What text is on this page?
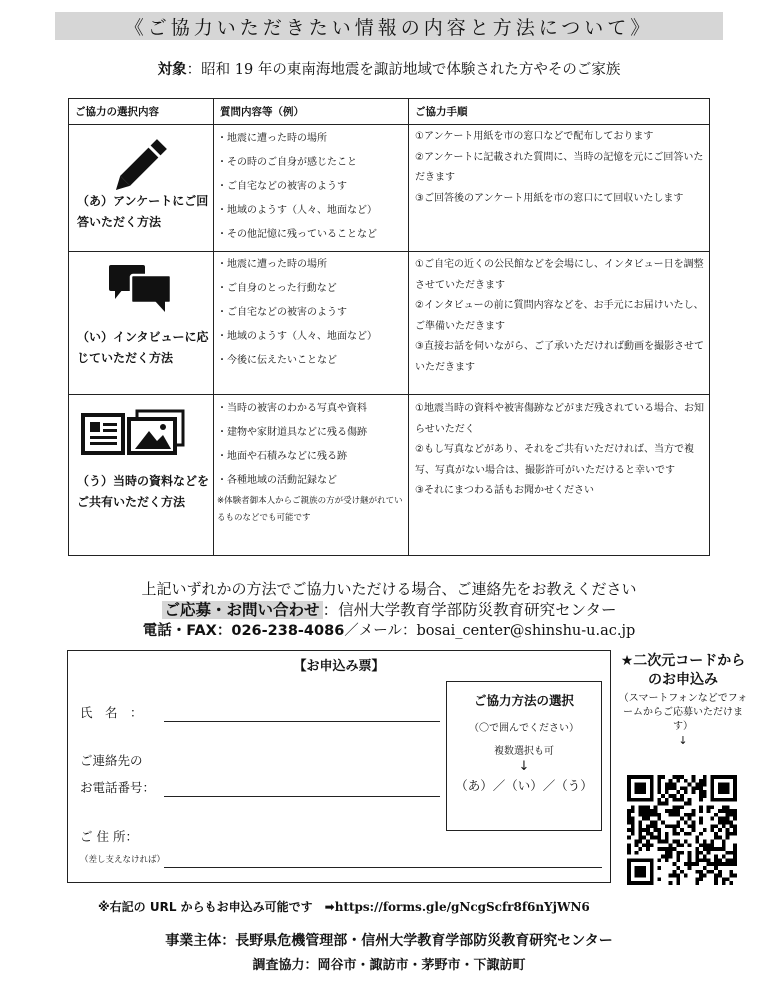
《ご協力いただきたい情報の内容と方法について》
対象：昭和 19 年の東南海地震を諏訪地域で体験された方やそのご家族
ご協力の選択内容	質問内容等（例）	ご協力手順
（あ）アンケートにご回答いただく方法
・地震に遭った時の場所
・その時のご自身が感じたこと
・ご自宅などの被害のようす
・地域のようす（人々、地面など）
・その他記憶に残っていることなど
①アンケート用紙を市の窓口などで配布しております
②アンケートに記載された質問に、当時の記憶を元にご回答いただきます
③ご回答後のアンケート用紙を市の窓口にて回収いたします
（い）インタビューに応じていただく方法
・地震に遭った時の場所
・ご自身のとった行動など
・ご自宅などの被害のようす
・地域のようす（人々、地面など）
・今後に伝えたいことなど
①ご自宅の近くの公民館などを会場にし、インタビュー日を調整させていただきます
②インタビューの前に質問内容などを、お手元にお届けいたし、ご準備いただきます
③直接お話を伺いながら、ご了承いただければ動画を撮影させていただきます
（う）当時の資料などをご共有いただく方法
・当時の被害のわかる写真や資料
・建物や家財道具などに残る傷跡
・地面や石積みなどに残る跡
・各種地域の活動記録など
※体験者御本人からご親族の方が受け継がれているものなどでも可能です
①地震当時の資料や被害傷跡などがまだ残されている場合、お知らせいただく
②もし写真などがあり、それをご共有いただければ、当方で複写、写真がない場合は、撮影許可がいただけると幸いです
③それにまつわる話もお聞かせください
上記いずれかの方法でご協力いただける場合、ご連絡先をお教えください
ご応募・お問い合わせ ：信州大学教育学部防災教育研究センター
電話・FAX：026-238-4086／メール：bosai_center@shinshu-u.ac.jp
【お申込み票】
氏　名　：
ご連絡先の
お電話番号：
ご 住 所：
（差し支えなければ）
ご協力方法の選択
（〇で囲んでください）
複数選択も可
↓
（あ）／（い）／（う）
★二次元コードからのお申込み
（スマートフォンなどでフォームからご応募いただけます）
↓
※右記の URL からもお申込み可能です　➡https://forms.gle/gNcgScfr8f6nYjWN6
事業主体：長野県危機管理部・信州大学教育学部防災教育研究センター
調査協力：岡谷市・諏訪市・茅野市・下諏訪町
